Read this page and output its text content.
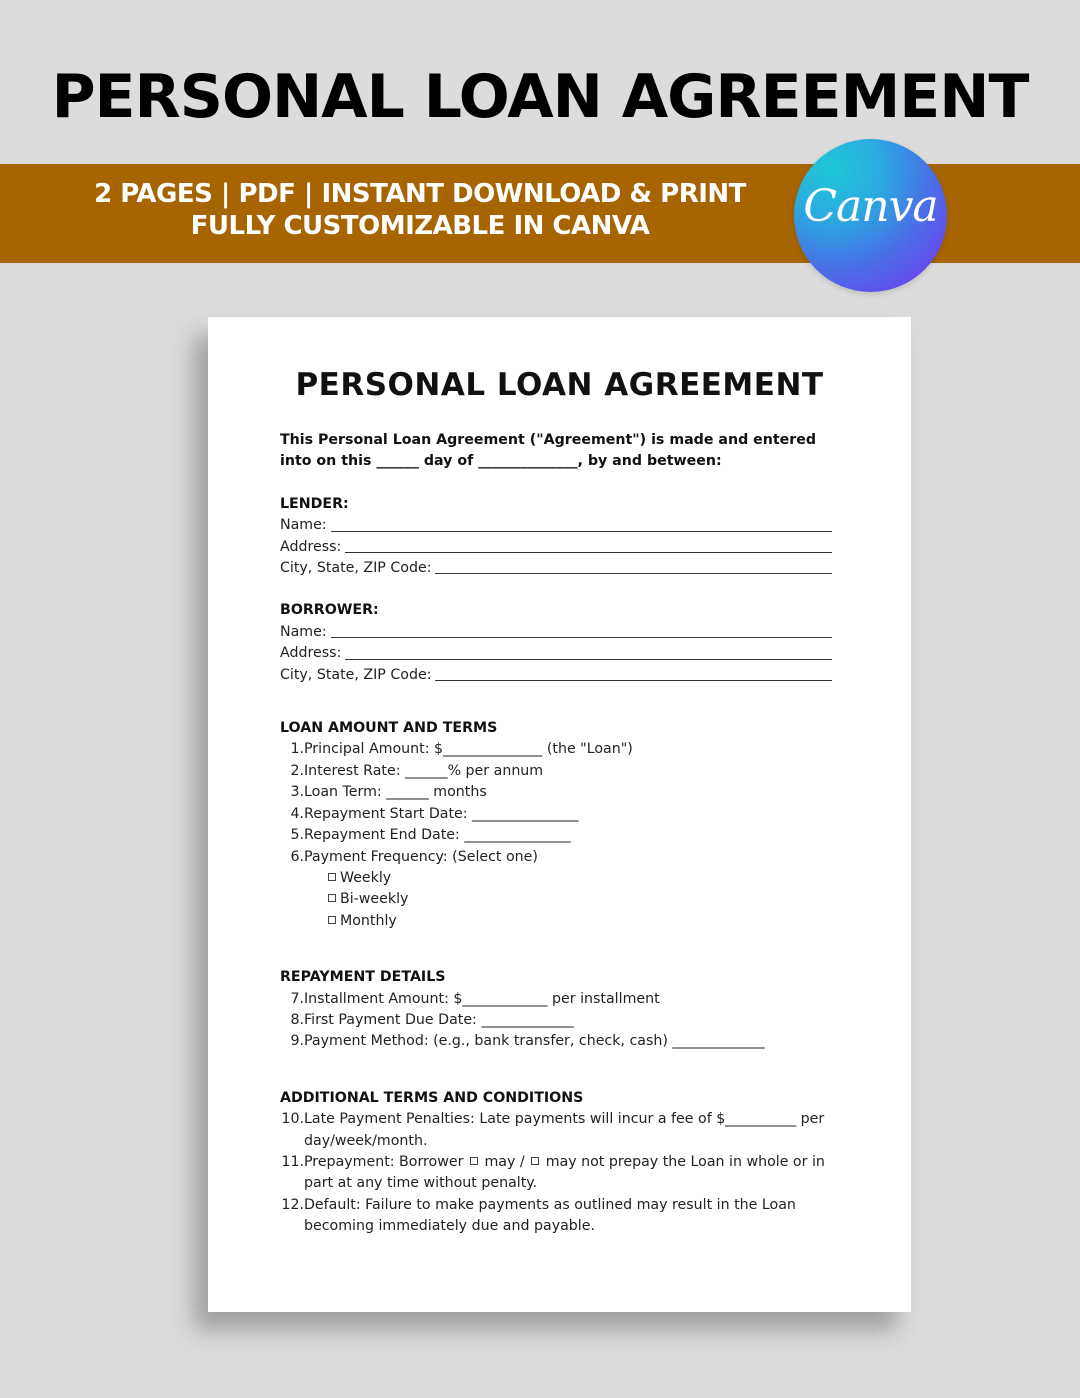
PERSONAL LOAN AGREEMENT
2 PAGES | PDF | INSTANT DOWNLOAD & PRINT
FULLY CUSTOMIZABLE IN CANVA	Canva
PERSONAL LOAN AGREEMENT
This Personal Loan Agreement ("Agreement") is made and entered into on this ______ day of ______________, by and between:
LENDER:
Name:
Address:
City, State, ZIP Code:
BORROWER:
Name:
Address:
City, State, ZIP Code:
LOAN AMOUNT AND TERMS
1. Principal Amount: $______________ (the "Loan")
2. Interest Rate: ______% per annum
3. Loan Term: ______ months
4. Repayment Start Date: _______________
5. Repayment End Date: _______________
6. Payment Frequency: (Select one)
Weekly
Bi-weekly
Monthly
REPAYMENT DETAILS
7. Installment Amount: $____________ per installment
8. First Payment Due Date: _____________
9. Payment Method: (e.g., bank transfer, check, cash) _____________
ADDITIONAL TERMS AND CONDITIONS
10. Late Payment Penalties: Late payments will incur a fee of $__________ per day/week/month.
11. Prepayment: Borrower may / may not prepay the Loan in whole or in part at any time without penalty.
12. Default: Failure to make payments as outlined may result in the Loan becoming immediately due and payable.
